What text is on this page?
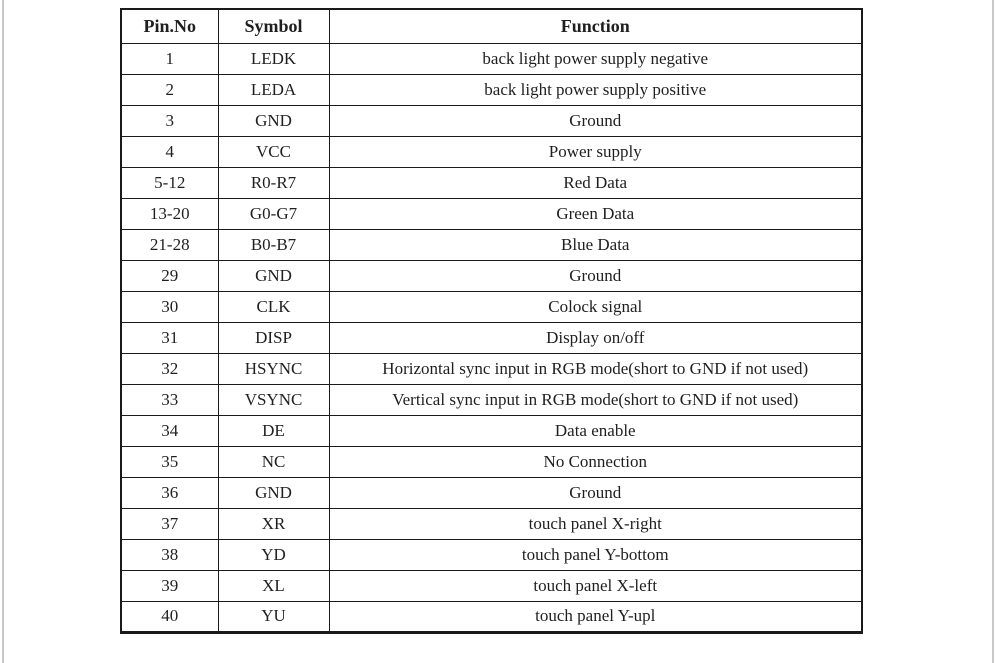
Pin.No	Symbol	Function
1	LEDK	back light power supply negative
2	LEDA	back light power supply positive
3	GND	Ground
4	VCC	Power supply
5-12	R0-R7	Red Data
13-20	G0-G7	Green Data
21-28	B0-B7	Blue Data
29	GND	Ground
30	CLK	Colock signal
31	DISP	Display on/off
32	HSYNC	Horizontal sync input in RGB mode(short to GND if not used)
33	VSYNC	Vertical sync input in RGB mode(short to GND if not used)
34	DE	Data enable
35	NC	No Connection
36	GND	Ground
37	XR	touch panel X-right
38	YD	touch panel Y-bottom
39	XL	touch panel X-left
40	YU	touch panel Y-upl
